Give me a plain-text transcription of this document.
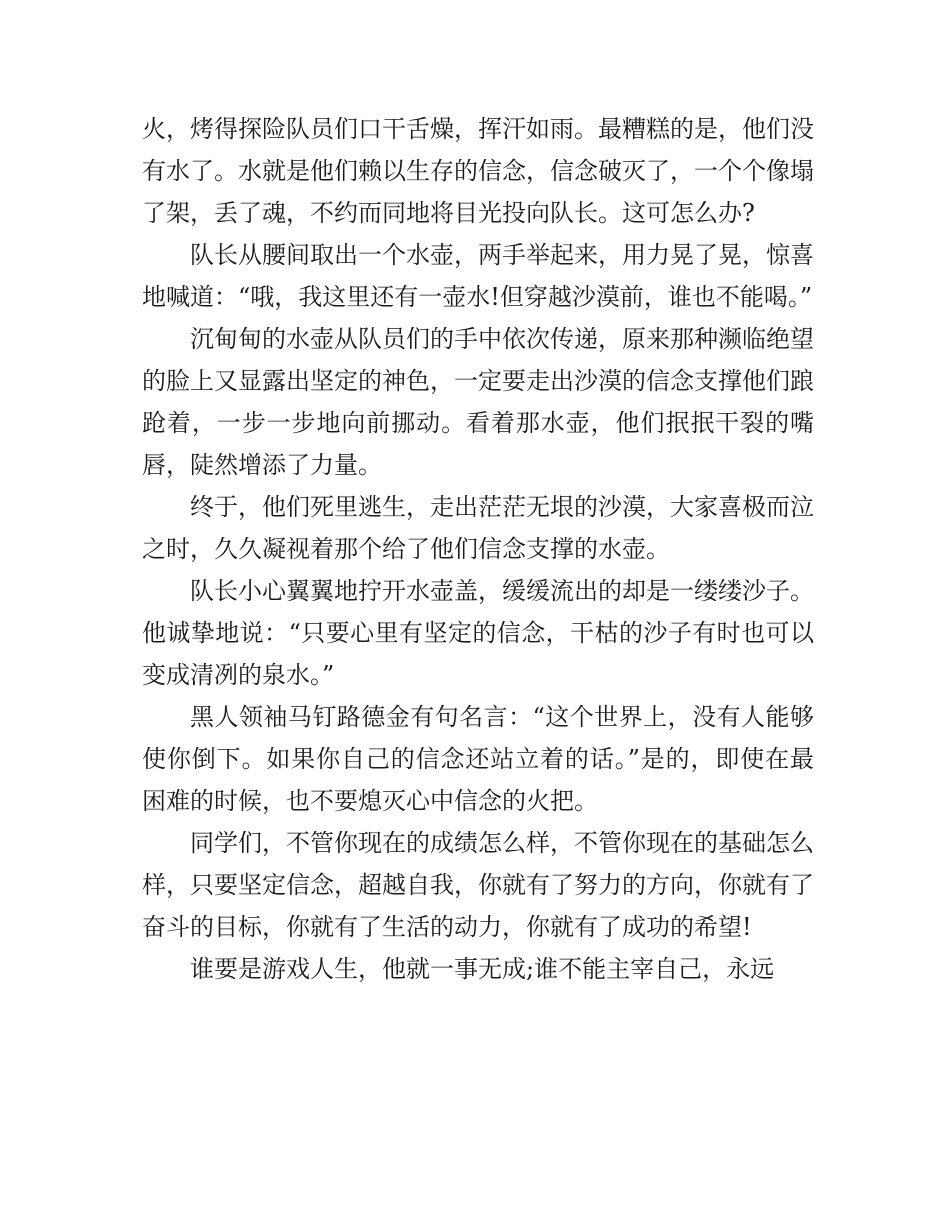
火，烤得探险队员们口干舌燥，挥汗如雨。最糟糕的是，他们没有水了。水就是他们赖以生存的信念，信念破灭了，一个个像塌了架，丢了魂，不约而同地将目光投向队长。这可怎么办?

队长从腰间取出一个水壶，两手举起来，用力晃了晃，惊喜地喊道：“哦，我这里还有一壶水!但穿越沙漠前，谁也不能喝。”

沉甸甸的水壶从队员们的手中依次传递，原来那种濒临绝望的脸上又显露出坚定的神色，一定要走出沙漠的信念支撑他们踉跄着，一步一步地向前挪动。看着那水壶，他们抿抿干裂的嘴唇，陡然增添了力量。

终于，他们死里逃生，走出茫茫无垠的沙漠，大家喜极而泣之时，久久凝视着那个给了他们信念支撑的水壶。

队长小心翼翼地拧开水壶盖，缓缓流出的却是一缕缕沙子。他诚挚地说：“只要心里有坚定的信念，干枯的沙子有时也可以变成清冽的泉水。”

黑人领袖马钉路德金有句名言：“这个世界上，没有人能够使你倒下。如果你自己的信念还站立着的话。”是的，即使在最困难的时候，也不要熄灭心中信念的火把。

同学们，不管你现在的成绩怎么样，不管你现在的基础怎么样，只要坚定信念，超越自我，你就有了努力的方向，你就有了奋斗的目标，你就有了生活的动力，你就有了成功的希望!

谁要是游戏人生，他就一事无成;谁不能主宰自己，永远
